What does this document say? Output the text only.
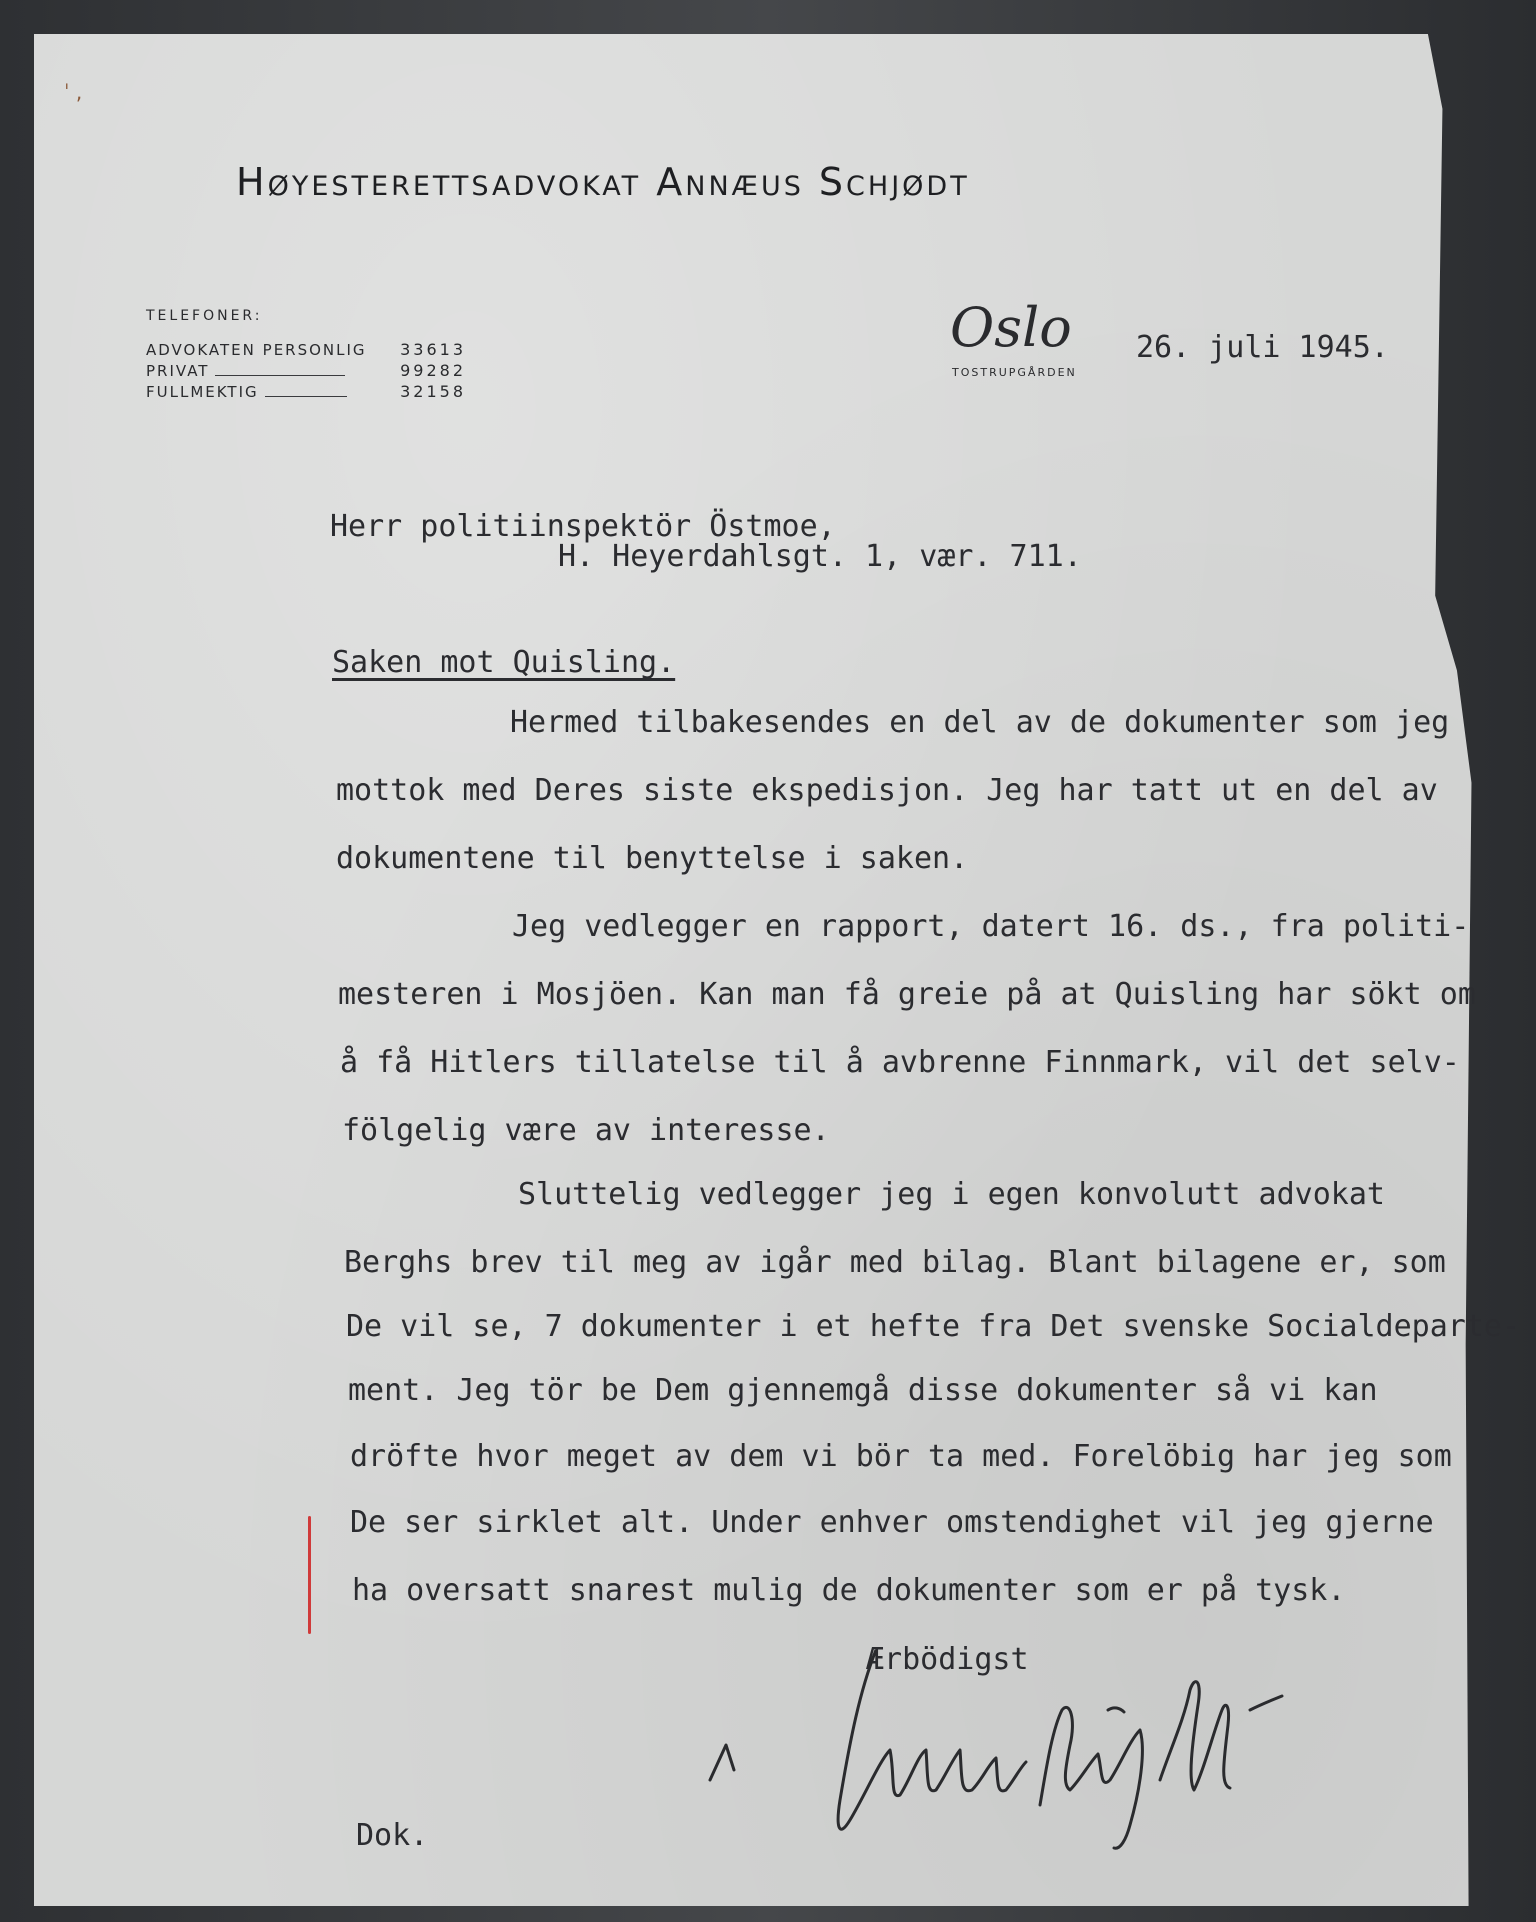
ˈ ,
Høyesterettsadvokat Annæus Schjødt
TELEFONER:
ADVOKATEN PERSONLIG 33613
PRIVAT	99282
FULLMEKTIG	32158
Oslo
TOSTRUPGÅRDEN
26. juli 1945.
Herr politiinspektör Östmoe,
H. Heyerdahlsgt. 1, vær. 711.
Saken mot Quisling.
Hermed tilbakesendes en del av de dokumenter som jeg
mottok med Deres siste ekspedisjon. Jeg har tatt ut en del av
dokumentene til benyttelse i saken.
Jeg vedlegger en rapport, datert 16. ds., fra politi-
mesteren i Mosjöen. Kan man få greie på at Quisling har sökt om
å få Hitlers tillatelse til å avbrenne Finnmark, vil det selv-
fölgelig være av interesse.
Sluttelig vedlegger jeg i egen konvolutt advokat
Berghs brev til meg av igår med bilag. Blant bilagene er, som
De vil se, 7 dokumenter i et hefte fra Det svenske Socialdeparte-
ment. Jeg tör be Dem gjennemgå disse dokumenter så vi kan
dröfte hvor meget av dem vi bör ta med. Forelöbig har jeg som
De ser sirklet alt. Under enhver omstendighet vil jeg gjerne
ha oversatt snarest mulig de dokumenter som er på tysk.
Ærbödigst
Dok.
